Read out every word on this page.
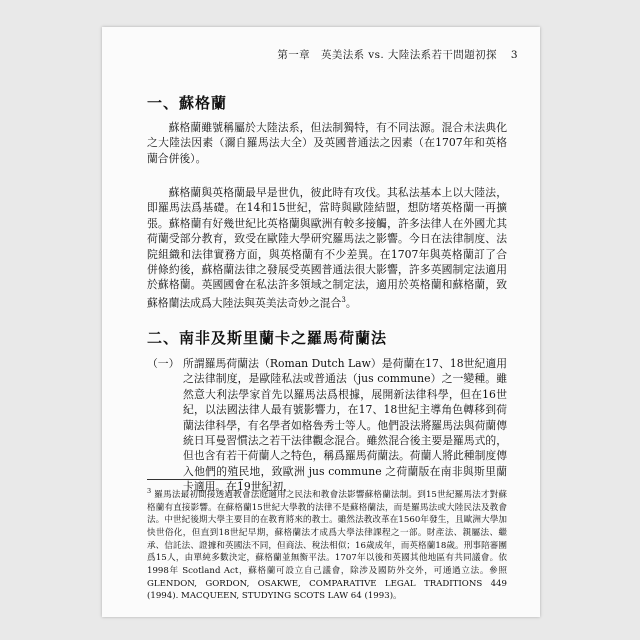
第一章　英美法系 vs. 大陸法系若干問題初探 3
一、蘇格蘭

蘇格蘭雖號稱屬於大陸法系，但法制獨特，有不同法源。混合未法典化之大陸法因素（濔自羅馬法大全）及英國普通法之因素（在1707年和英格蘭合併後）。

蘇格蘭與英格蘭最早是世仇，彼此時有攻伐。其私法基本上以大陸法，即羅馬法爲基礎。在14和15世紀，當時與歐陸結盟，想防堵英格蘭一再擴張。蘇格蘭有好幾世紀比英格蘭與歐洲有較多接觸，許多法律人在外國尤其荷蘭受部分教育，致受在歐陸大學研究羅馬法之影響。今日在法律制度、法院組織和法律實務方面，與英格蘭有不少差異。在1707年與英格蘭訂了合併條約後，蘇格蘭法律之發展受英國普通法很大影響，許多英國制定法適用於蘇格蘭。英國國會在私法許多領域之制定法，適用於英格蘭和蘇格蘭，致蘇格蘭法成爲大陸法與英美法奇妙之混合$^3$。

二、南非及斯里蘭卡之羅馬荷蘭法
（一） 所謂羅馬荷蘭法（Roman Dutch Law）是荷蘭在17、18世紀適用之法律制度，是歐陸私法或普通法（jus commune）之一變種。雖然意大利法學家首先以羅馬法爲根據，展開新法律科學，但在16世紀，以法國法律人最有號影響力，在17、18世紀主導角色轉移到荷蘭法律科學，有名學者如格魯秀士等人。他們設法將羅馬法與荷蘭傳統日耳曼習慣法之若干法律觀念混合。雖然混合後主要是羅馬式的，但也含有若干荷蘭人之特色，稱爲羅馬荷蘭法。荷蘭人將此種制度傳入他們的殖民地，致歐洲 jus commune 之荷蘭版在南非與斯里蘭卡適用。在19世紀初，
$^3$ 羅馬法最初間接透過教會法庭適用之民法和教會法影響蘇格蘭法制。到15世紀羅馬法才對蘇格蘭有直接影響。在蘇格蘭15世紀大學教的法律不是蘇格蘭法，而是羅馬法或大陸民法及教會法。中世紀後期大學主要目的在教育將來的教士。雖然法教改革在1560年發生，且歐洲大學加快世俗化，但直到18世紀早期，蘇格蘭法才成爲大學法律課程之一部。財產法、親屬法、繼承、信託法、證據和英國法不同，但商法、稅法相似；16歲成年，而英格蘭18歲。刑事陪審團爲15人，由單純多數決定，蘇格蘭並無衡平法。1707年以後和英國其他地區有共同議會。依1998年 Scotland Act，蘇格蘭可設立自己議會，除涉及國防外交外，可通過立法。參照 GLENDON, GORDON, OSAKWE, COMPARATIVE LEGAL TRADITIONS 449 (1994). MACQUEEN, STUDYING SCOTS LAW 64 (1993)。
